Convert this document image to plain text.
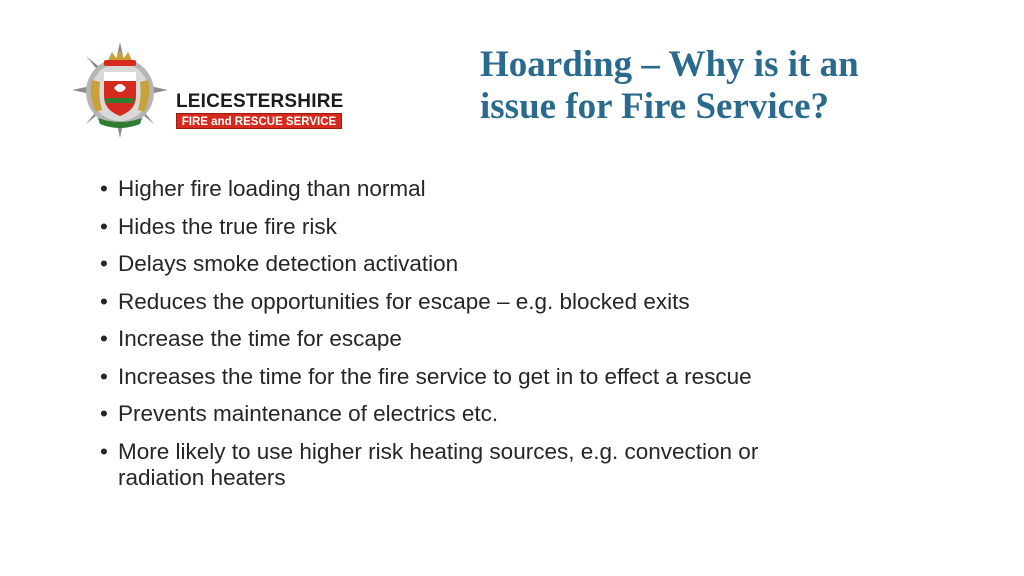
LEICESTERSHIRE
FIRE and RESCUE SERVICE
Hoarding – Why is it an
issue for Fire Service?
• Higher fire loading than normal
• Hides the true fire risk
• Delays smoke detection activation
• Reduces the opportunities for escape – e.g. blocked exits
• Increase the time for escape
• Increases the time for the fire service to get in to effect a rescue
• Prevents maintenance of electrics etc.
• More likely to use higher risk heating sources, e.g. convection or radiation heaters
